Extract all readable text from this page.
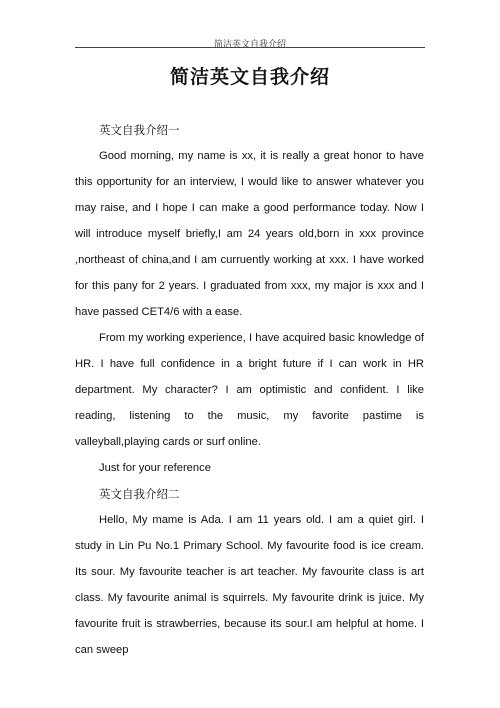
简洁英文自我介绍
简洁英文自我介绍

英文自我介绍一

Good morning, my name is xx, it is really a great honor to have this opportunity for an interview, I would like to answer whatever you may raise, and I hope I can make a good performance today. Now I will introduce myself briefly,I am 24 years old,born in xxx province ,northeast of china,and I am curruently working at xxx. I have worked for this pany for 2 years. I graduated from xxx, my major is xxx and I have passed CET4/6 with a ease.

From my working experience, I have acquired basic knowledge of HR. I have full confidence in a bright future if I can work in HR department. My character? I am optimistic and confident. I like reading, listening to the music, my favorite pastime is valleyball,playing cards or surf online.

Just for your reference

英文自我介绍二

Hello, My mame is Ada. I am 11 years old. I am a quiet girl. I study in Lin Pu No.1 Primary School. My favourite food is ice cream. Its sour. My favourite teacher is art teacher. My favourite class is art class. My favourite animal is squirrels. My favourite drink is juice. My favourite fruit is strawberries, because its sour.I am helpful at home. I can sweep
